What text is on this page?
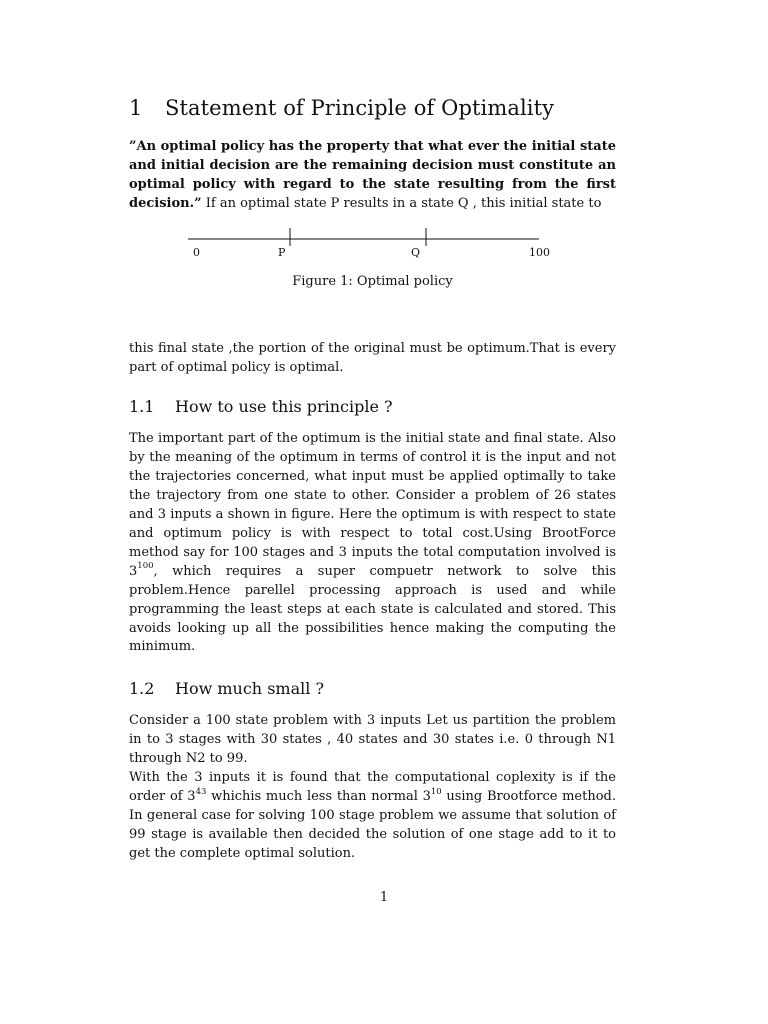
1 Statement of Principle of Optimality

”An optimal policy has the property that what ever the initial state and initial decision are the remaining decision must constitute an optimal policy with regard to the state resulting from the first decision.” If an optimal state P results in a state Q , this initial state to

0	P	Q	100
Figure 1: Optimal policy

this final state ,the portion of the original must be optimum.That is every part of optimal policy is optimal.

1.1 How to use this principle ?

The important part of the optimum is the initial state and final state. Also by the meaning of the optimum in terms of control it is the input and not the trajectories concerned, what input must be applied optimally to take the trajectory from one state to other. Consider a problem of 26 states and 3 inputs a shown in figure. Here the optimum is with respect to state and optimum policy is with respect to total cost.Using BrootForce method say for 100 stages and 3 inputs the total computation involved is $3^{100}$, which requires a super compuetr network to solve this problem.Hence parellel processing approach is used and while programming the least steps at each state is calculated and stored. This avoids looking up all the possibilities hence making the computing the minimum.

1.2 How much small ?

Consider a 100 state problem with 3 inputs Let us partition the problem in to 3 stages with 30 states , 40 states and 30 states i.e. 0 through N1 through N2 to 99.

With the 3 inputs it is found that the computational coplexity is if the order of $3^{43}$ whichis much less than normal $3^{10}$ using Brootforce method. In general case for solving 100 stage problem we assume that solution of 99 stage is available then decided the solution of one stage add to it to get the complete optimal solution.

1
